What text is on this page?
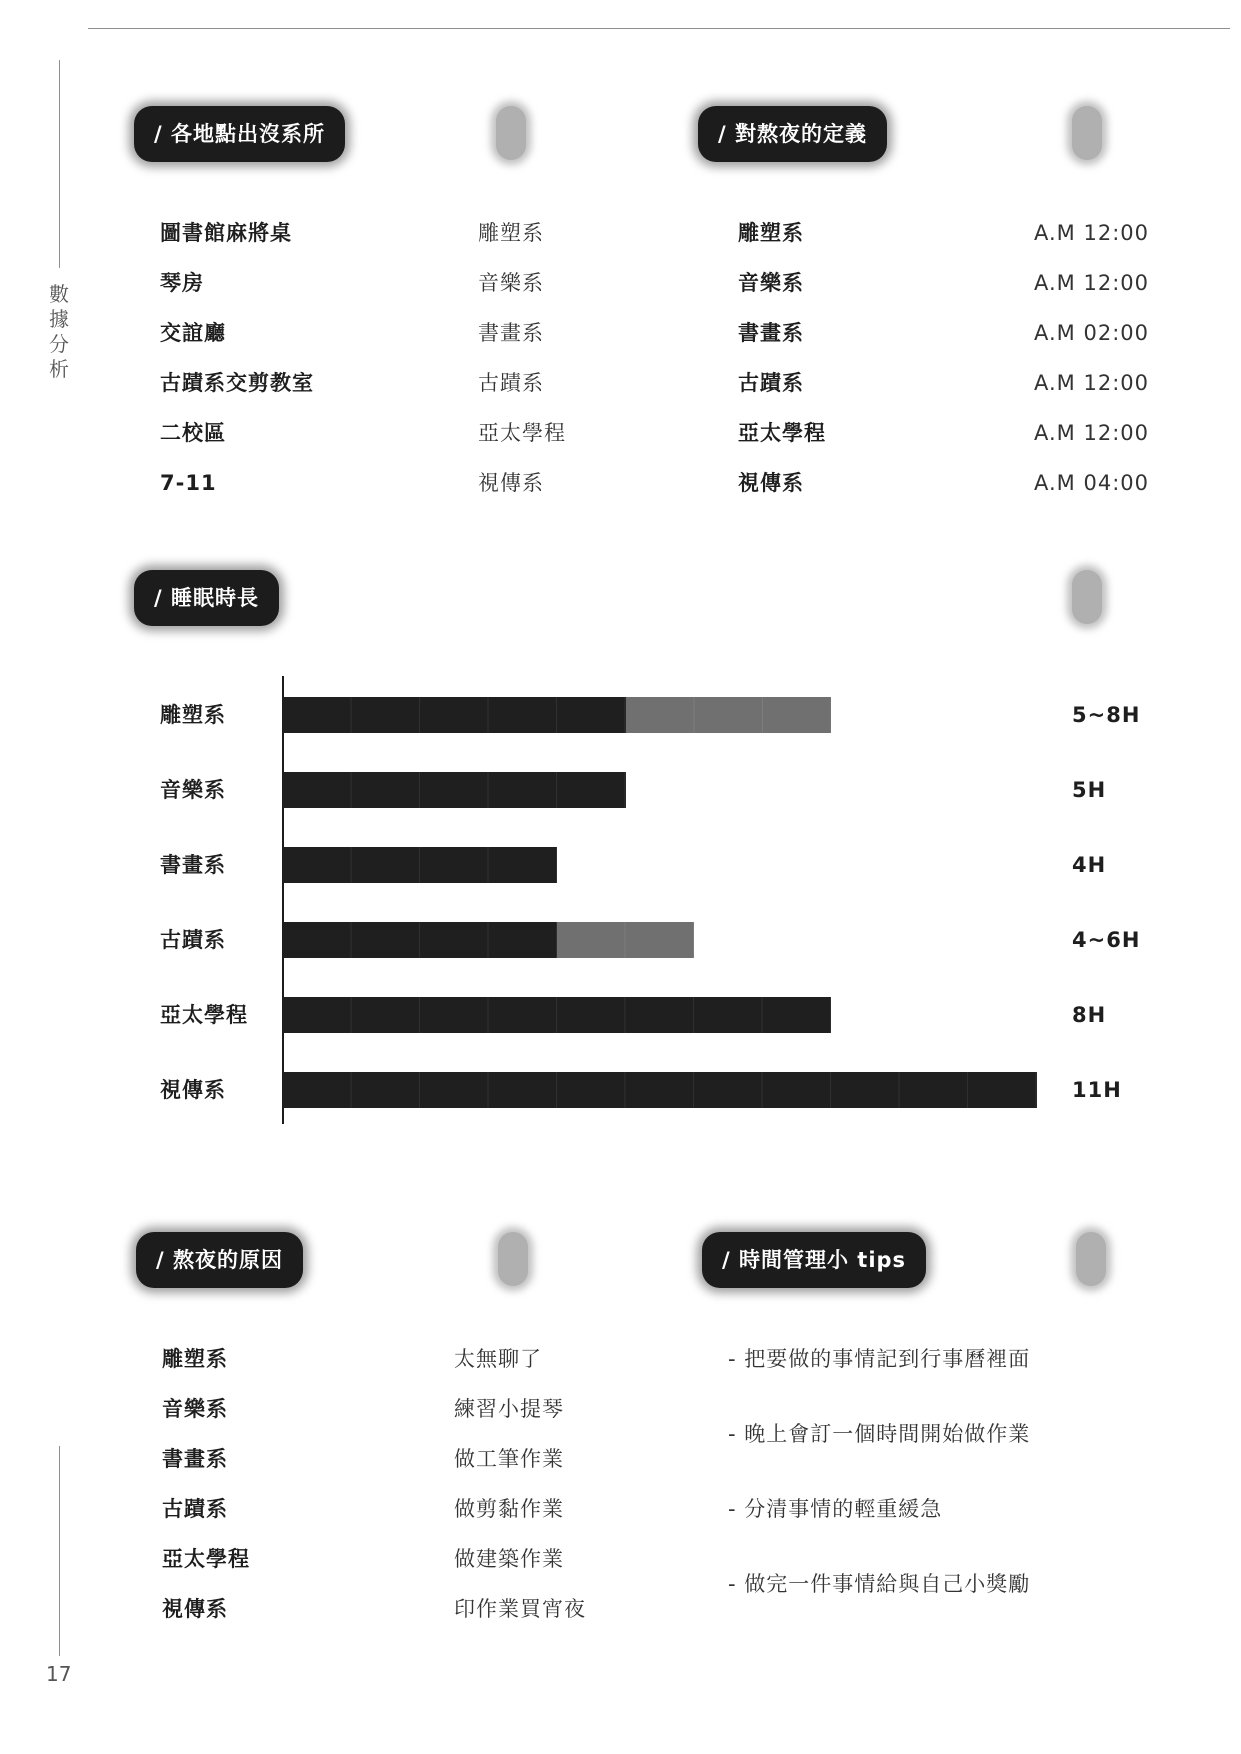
數
據
分
析
17
/ 各地點出沒系所
圖書館麻將桌	雕塑系
琴房	音樂系
交誼廳	書畫系
古蹟系交剪教室	古蹟系
二校區	亞太學程
7-11	視傳系
/ 對熬夜的定義
雕塑系	A.M 12:00
音樂系	A.M 12:00
書畫系	A.M 02:00
古蹟系	A.M 12:00
亞太學程	A.M 12:00
視傳系	A.M 04:00
/ 睡眠時長
雕塑系	5~8H
音樂系	5H
書畫系	4H
古蹟系	4~6H
亞太學程	8H
視傳系	11H
/ 熬夜的原因
雕塑系	太無聊了
音樂系	練習小提琴
書畫系	做工筆作業
古蹟系	做剪黏作業
亞太學程	做建築作業
視傳系	印作業買宵夜
/ 時間管理小 tips
- 把要做的事情記到行事曆裡面
- 晚上會訂一個時間開始做作業
- 分清事情的輕重緩急
- 做完一件事情給與自己小獎勵
